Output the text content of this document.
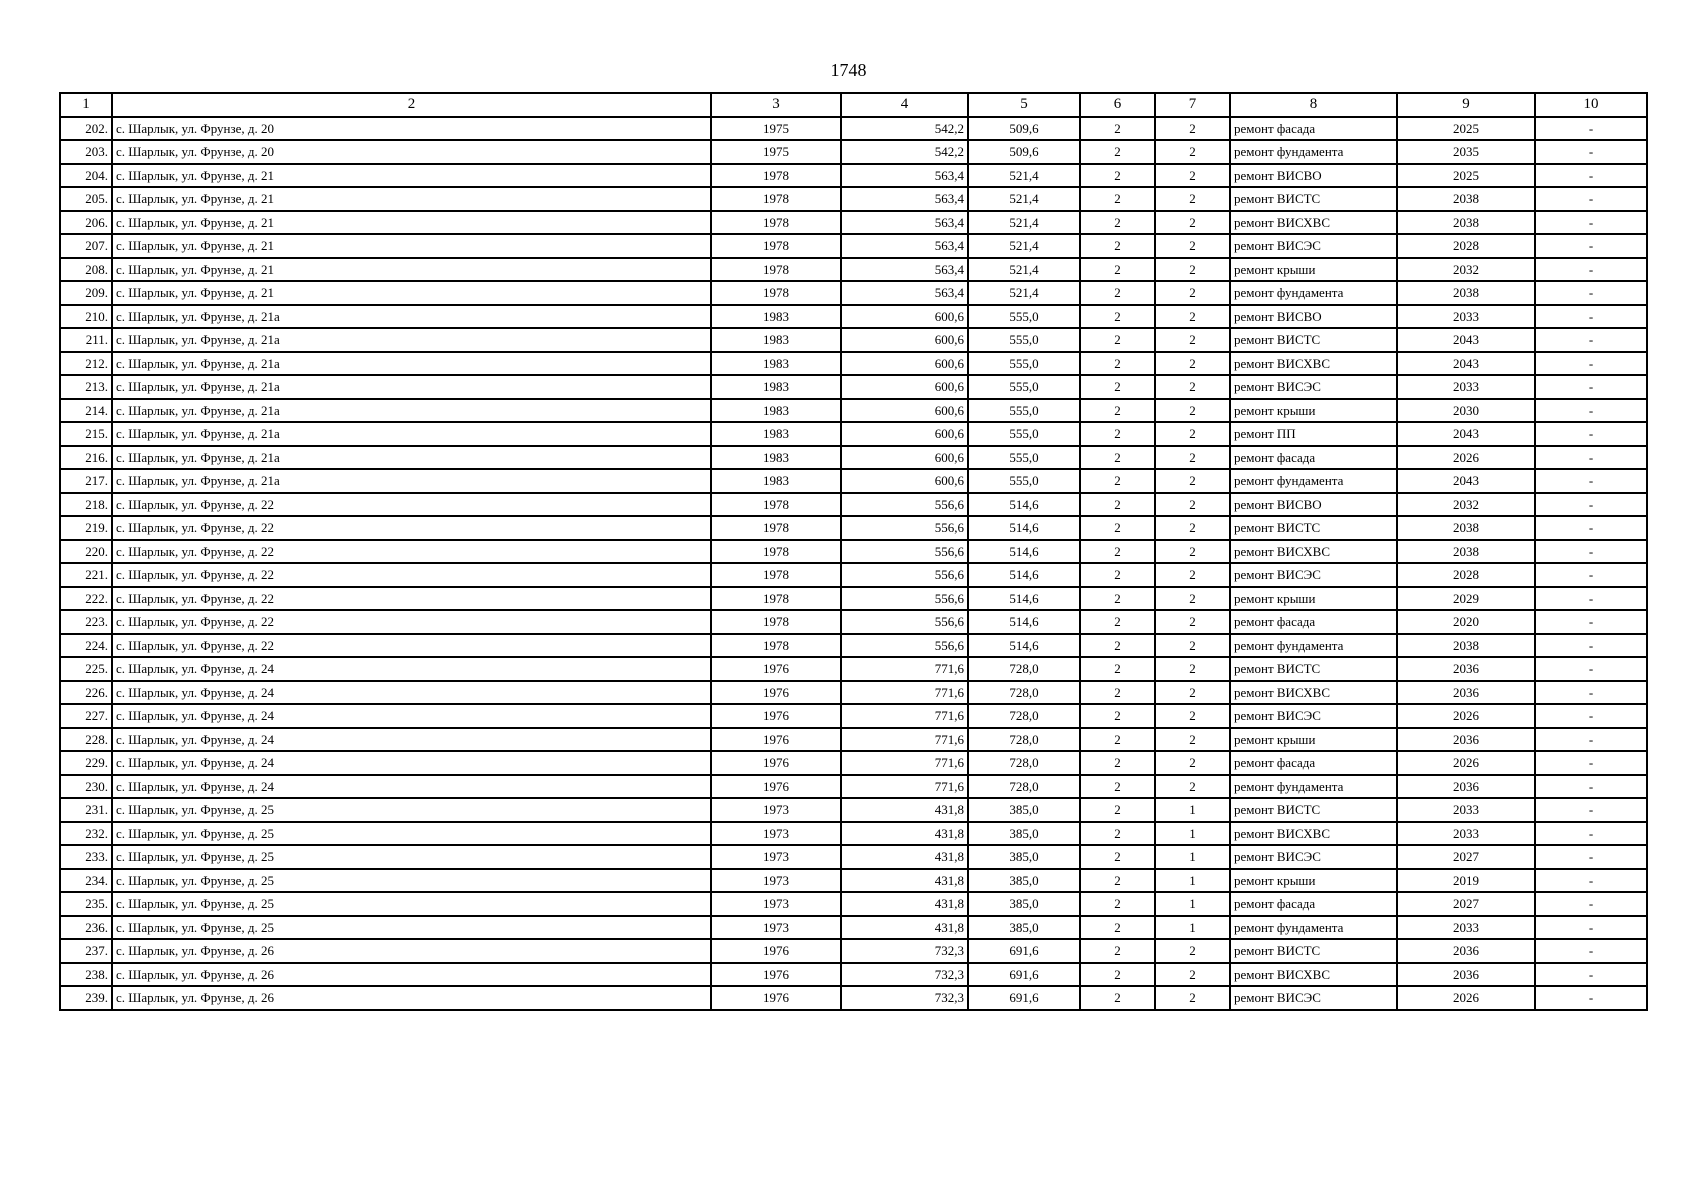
1748
1	2	3	4	5	6	7	8	9	10
202.	с. Шарлык, ул. Фрунзе, д. 20	1975	542,2	509,6	2	2	ремонт фасада	2025	-
203.	с. Шарлык, ул. Фрунзе, д. 20	1975	542,2	509,6	2	2	ремонт фундамента	2035	-
204.	с. Шарлык, ул. Фрунзе, д. 21	1978	563,4	521,4	2	2	ремонт ВИСВО	2025	-
205.	с. Шарлык, ул. Фрунзе, д. 21	1978	563,4	521,4	2	2	ремонт ВИСТС	2038	-
206.	с. Шарлык, ул. Фрунзе, д. 21	1978	563,4	521,4	2	2	ремонт ВИСХВС	2038	-
207.	с. Шарлык, ул. Фрунзе, д. 21	1978	563,4	521,4	2	2	ремонт ВИСЭС	2028	-
208.	с. Шарлык, ул. Фрунзе, д. 21	1978	563,4	521,4	2	2	ремонт крыши	2032	-
209.	с. Шарлык, ул. Фрунзе, д. 21	1978	563,4	521,4	2	2	ремонт фундамента	2038	-
210.	с. Шарлык, ул. Фрунзе, д. 21а	1983	600,6	555,0	2	2	ремонт ВИСВО	2033	-
211.	с. Шарлык, ул. Фрунзе, д. 21а	1983	600,6	555,0	2	2	ремонт ВИСТС	2043	-
212.	с. Шарлык, ул. Фрунзе, д. 21а	1983	600,6	555,0	2	2	ремонт ВИСХВС	2043	-
213.	с. Шарлык, ул. Фрунзе, д. 21а	1983	600,6	555,0	2	2	ремонт ВИСЭС	2033	-
214.	с. Шарлык, ул. Фрунзе, д. 21а	1983	600,6	555,0	2	2	ремонт крыши	2030	-
215.	с. Шарлык, ул. Фрунзе, д. 21а	1983	600,6	555,0	2	2	ремонт ПП	2043	-
216.	с. Шарлык, ул. Фрунзе, д. 21а	1983	600,6	555,0	2	2	ремонт фасада	2026	-
217.	с. Шарлык, ул. Фрунзе, д. 21а	1983	600,6	555,0	2	2	ремонт фундамента	2043	-
218.	с. Шарлык, ул. Фрунзе, д. 22	1978	556,6	514,6	2	2	ремонт ВИСВО	2032	-
219.	с. Шарлык, ул. Фрунзе, д. 22	1978	556,6	514,6	2	2	ремонт ВИСТС	2038	-
220.	с. Шарлык, ул. Фрунзе, д. 22	1978	556,6	514,6	2	2	ремонт ВИСХВС	2038	-
221.	с. Шарлык, ул. Фрунзе, д. 22	1978	556,6	514,6	2	2	ремонт ВИСЭС	2028	-
222.	с. Шарлык, ул. Фрунзе, д. 22	1978	556,6	514,6	2	2	ремонт крыши	2029	-
223.	с. Шарлык, ул. Фрунзе, д. 22	1978	556,6	514,6	2	2	ремонт фасада	2020	-
224.	с. Шарлык, ул. Фрунзе, д. 22	1978	556,6	514,6	2	2	ремонт фундамента	2038	-
225.	с. Шарлык, ул. Фрунзе, д. 24	1976	771,6	728,0	2	2	ремонт ВИСТС	2036	-
226.	с. Шарлык, ул. Фрунзе, д. 24	1976	771,6	728,0	2	2	ремонт ВИСХВС	2036	-
227.	с. Шарлык, ул. Фрунзе, д. 24	1976	771,6	728,0	2	2	ремонт ВИСЭС	2026	-
228.	с. Шарлык, ул. Фрунзе, д. 24	1976	771,6	728,0	2	2	ремонт крыши	2036	-
229.	с. Шарлык, ул. Фрунзе, д. 24	1976	771,6	728,0	2	2	ремонт фасада	2026	-
230.	с. Шарлык, ул. Фрунзе, д. 24	1976	771,6	728,0	2	2	ремонт фундамента	2036	-
231.	с. Шарлык, ул. Фрунзе, д. 25	1973	431,8	385,0	2	1	ремонт ВИСТС	2033	-
232.	с. Шарлык, ул. Фрунзе, д. 25	1973	431,8	385,0	2	1	ремонт ВИСХВС	2033	-
233.	с. Шарлык, ул. Фрунзе, д. 25	1973	431,8	385,0	2	1	ремонт ВИСЭС	2027	-
234.	с. Шарлык, ул. Фрунзе, д. 25	1973	431,8	385,0	2	1	ремонт крыши	2019	-
235.	с. Шарлык, ул. Фрунзе, д. 25	1973	431,8	385,0	2	1	ремонт фасада	2027	-
236.	с. Шарлык, ул. Фрунзе, д. 25	1973	431,8	385,0	2	1	ремонт фундамента	2033	-
237.	с. Шарлык, ул. Фрунзе, д. 26	1976	732,3	691,6	2	2	ремонт ВИСТС	2036	-
238.	с. Шарлык, ул. Фрунзе, д. 26	1976	732,3	691,6	2	2	ремонт ВИСХВС	2036	-
239.	с. Шарлык, ул. Фрунзе, д. 26	1976	732,3	691,6	2	2	ремонт ВИСЭС	2026	-
